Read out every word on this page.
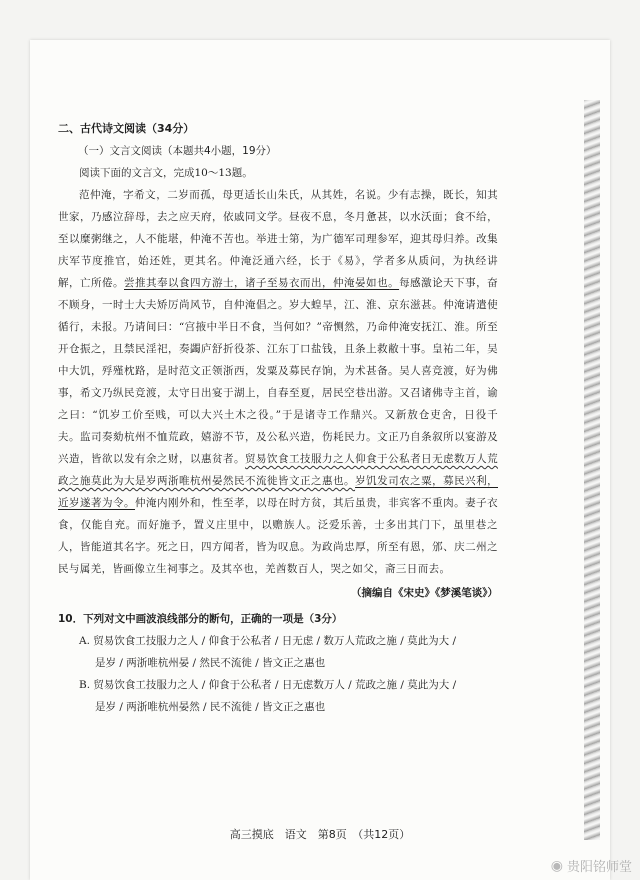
二、古代诗文阅读（34分）

（一）文言文阅读（本题共4小题，19分）

阅读下面的文言文，完成10～13题。

范仲淹，字希文，二岁而孤，母更适长山朱氏，从其姓，名说。少有志操，既长，知其世家，乃感泣辞母，去之应天府，依戚同文学。昼夜不息，冬月惫甚，以水沃面；食不给，至以糜粥继之，人不能堪，仲淹不苦也。举进士第，为广德军司理参军，迎其母归养。改集庆军节度推官，始还姓，更其名。仲淹泛通六经，长于《易》，学者多从质问，为执经讲解，亡所倦。尝推其奉以食四方游士，诸子至易衣而出，仲淹晏如也。每感激论天下事，奋不顾身，一时士大夫矫厉尚风节，自仲淹倡之。岁大蝗旱，江、淮、京东滋甚。仲淹请遣使循行，未报。乃请间曰：“宫掖中半日不食，当何如？”帝恻然，乃命仲淹安抚江、淮。所至开仓振之，且禁民淫祀，奏蠲庐舒折役茶、江东丁口盐钱，且条上救敝十事。皇祐二年，吴中大饥，殍殣枕路，是时范文正领浙西，发粟及募民存饷，为术甚备。吴人喜竞渡，好为佛事，希文乃纵民竞渡，太守日出宴于湖上，自春至夏，居民空巷出游。又召诸佛寺主首，谕之曰：“饥岁工价至贱，可以大兴土木之役。”于是诸寺工作鼎兴。又新敖仓吏舍，日役千夫。监司奏劾杭州不恤荒政，嬉游不节，及公私兴造，伤耗民力。文正乃自条叙所以宴游及兴造，皆欲以发有余之财，以惠贫者。贸易饮食工技服力之人仰食于公私者日无虑数万人荒政之施莫此为大是岁两浙唯杭州晏然民不流徙皆文正之惠也。岁饥发司农之粟，募民兴利，近岁遂著为令。仲淹内刚外和，性至孝，以母在时方贫，其后虽贵，非宾客不重肉。妻子衣食，仅能自充。而好施予，置义庄里中，以赡族人。泛爱乐善，士多出其门下，虽里巷之人，皆能道其名字。死之日，四方闻者，皆为叹息。为政尚忠厚，所至有恩，邠、庆二州之民与属羌，皆画像立生祠事之。及其卒也，羌酋数百人，哭之如父，斋三日而去。

（摘编自《宋史》《梦溪笔谈》）

10．下列对文中画波浪线部分的断句，正确的一项是（3分）

A. 贸易饮食工技服力之人 / 仰食于公私者 / 日无虑 / 数万人荒政之施 / 莫此为大 /
是岁 / 两浙唯杭州晏 / 然民不流徙 / 皆文正之惠也
B. 贸易饮食工技服力之人 / 仰食于公私者 / 日无虑数万人 / 荒政之施 / 莫此为大 /
是岁 / 两浙唯杭州晏然 / 民不流徙 / 皆文正之惠也
高三摸底　语文　第8页　（共12页）
◉ 贵阳铭师堂
